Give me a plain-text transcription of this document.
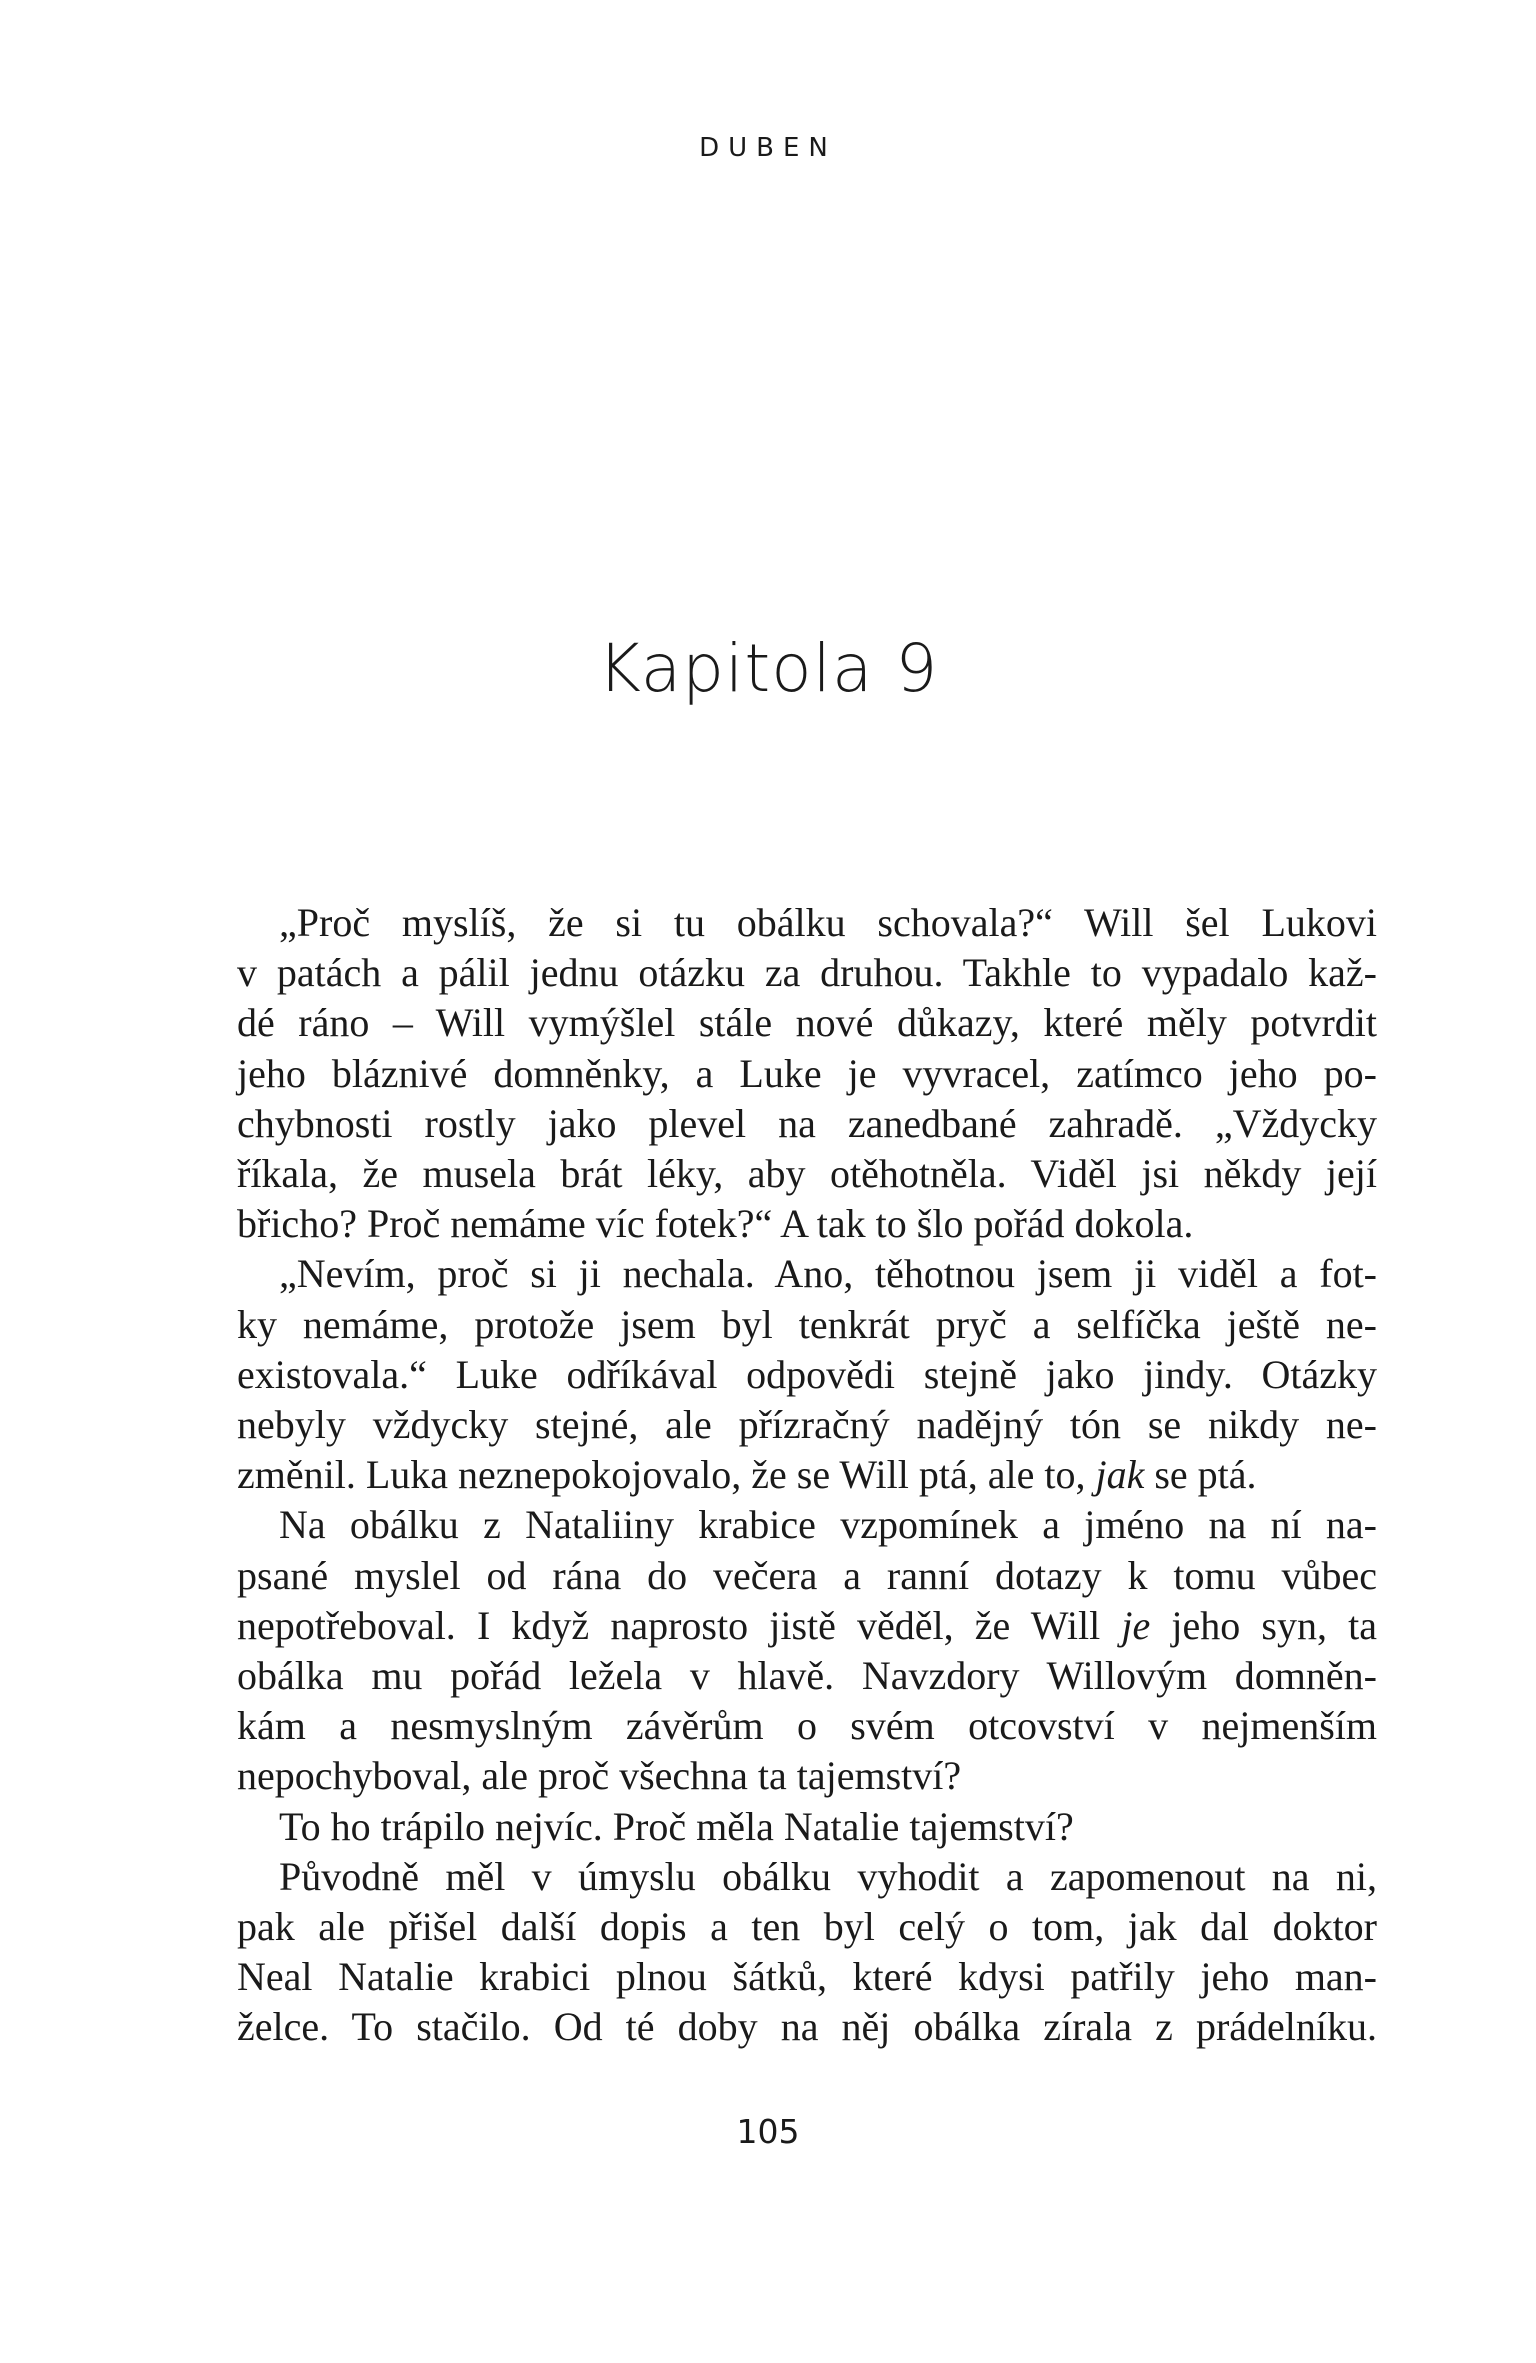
DUBEN
Kapitola 9
„Proč myslíš, že si tu obálku schovala?“ Will šel Lukovi
v patách a pálil jednu otázku za druhou. Takhle to vypadalo kaž-
dé ráno – Will vymýšlel stále nové důkazy, které měly potvrdit
jeho bláznivé domněnky, a Luke je vyvracel, zatímco jeho po-
chybnosti rostly jako plevel na zanedbané zahradě. „Vždycky
říkala, že musela brát léky, aby otěhotněla. Viděl jsi někdy její
břicho? Proč nemáme víc fotek?“ A tak to šlo pořád dokola.
„Nevím, proč si ji nechala. Ano, těhotnou jsem ji viděl a fot-
ky nemáme, protože jsem byl tenkrát pryč a selfíčka ještě ne-
existovala.“ Luke odříkával odpovědi stejně jako jindy. Otázky
nebyly vždycky stejné, ale přízračný nadějný tón se nikdy ne-
změnil. Luka neznepokojovalo, že se Will ptá, ale to, jak se ptá.
Na obálku z Nataliiny krabice vzpomínek a jméno na ní na-
psané myslel od rána do večera a ranní dotazy k tomu vůbec
nepotřeboval. I když naprosto jistě věděl, že Will je jeho syn, ta
obálka mu pořád ležela v hlavě. Navzdory Willovým domněn-
kám a nesmyslným závěrům o svém otcovství v nejmenším
nepochyboval, ale proč všechna ta tajemství?
To ho trápilo nejvíc. Proč měla Natalie tajemství?
Původně měl v úmyslu obálku vyhodit a zapomenout na ni,
pak ale přišel další dopis a ten byl celý o tom, jak dal doktor
Neal Natalie krabici plnou šátků, které kdysi patřily jeho man-
želce. To stačilo. Od té doby na něj obálka zírala z prádelníku.
105
